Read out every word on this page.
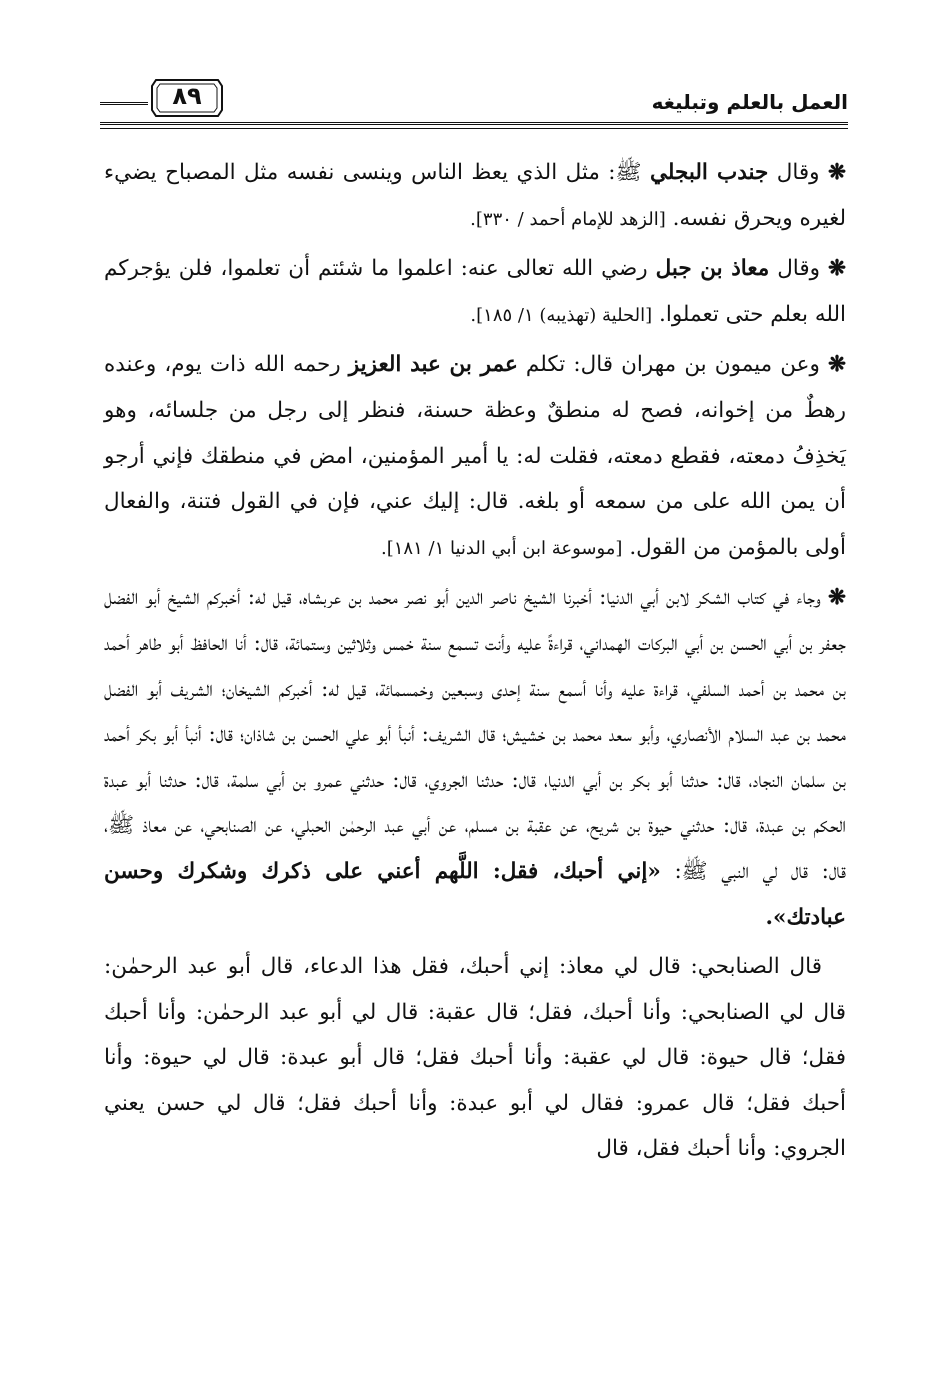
العمل بالعلم وتبليغه
٨٩

❋ وقال جندب البجلي ﷺ: مثل الذي يعظ الناس وينسى نفسه مثل المصباح يضيء لغيره ويحرق نفسه. [الزهد للإمام أحمد / ٣٣٠].

❋ وقال معاذ بن جبل رضي الله تعالى عنه: اعلموا ما شئتم أن تعلموا، فلن يؤجركم الله بعلم حتى تعملوا. [الحلية (تهذيبه) ١/ ١٨٥].

❋ وعن ميمون بن مهران قال: تكلم عمر بن عبد العزيز رحمه الله ذات يوم، وعنده رهطٌ من إخوانه، فصح له منطقٌ وعظة حسنة، فنظر إلى رجل من جلسائه، وهو يَخذِفُ دمعته، فقطع دمعته، فقلت له: يا أمير المؤمنين، امض في منطقك فإني أرجو أن يمن الله على من سمعه أو بلغه. قال: إليك عني، فإن في القول فتنة، والفعال أولى بالمؤمن من القول. [موسوعة ابن أبي الدنيا ١/ ١٨١].

❋ وجاء في كتاب الشكر لابن أبي الدنيا: أخبرنا الشيخ ناصر الدين أبو نصر محمد بن عربشاه، قيل له: أخبركم الشيخ أبو الفضل جعفر بن أبي الحسن بن أبي البركات الهمداني، قراءةً عليه وأنت تسمع سنة خمس وثلاثين وستمائة، قال: أنا الحافظ أبو طاهر أحمد بن محمد بن أحمد السلفي، قراءة عليه وأنا أسمع سنة إحدى وسبعين وخمسمائة، قيل له: أخبركم الشيخان؛ الشريف أبو الفضل محمد بن عبد السلام الأنصاري، وأبو سعد محمد بن خشيش؛ قال الشريف: أنبأ أبو علي الحسن بن شاذان؛ قال: أنبأ أبو بكر أحمد بن سلمان النجاد، قال: حدثنا أبو بكر بن أبي الدنيا، قال: حدثنا الجروي، قال: حدثني عمرو بن أبي سلمة، قال: حدثنا أبو عبدة الحكم بن عبدة، قال: حدثني حيوة بن شريح، عن عقبة بن مسلم، عن أبي عبد الرحمٰن الحبلي، عن الصنابحي، عن معاذ ﷺ، قال: قال لي النبي ﷺ: «إني أحبك، فقل: اللَّهم أعني على ذكرك وشكرك وحسن عبادتك».

قال الصنابحي: قال لي معاذ: إني أحبك، فقل هذا الدعاء، قال أبو عبد الرحمٰن: قال لي الصنابحي: وأنا أحبك، فقل؛ قال عقبة: قال لي أبو عبد الرحمٰن: وأنا أحبك فقل؛ قال حيوة: قال لي عقبة: وأنا أحبك فقل؛ قال أبو عبدة: قال لي حيوة: وأنا أحبك فقل؛ قال عمرو: فقال لي أبو عبدة: وأنا أحبك فقل؛ قال لي حسن يعني الجروي: وأنا أحبك فقل، قال
